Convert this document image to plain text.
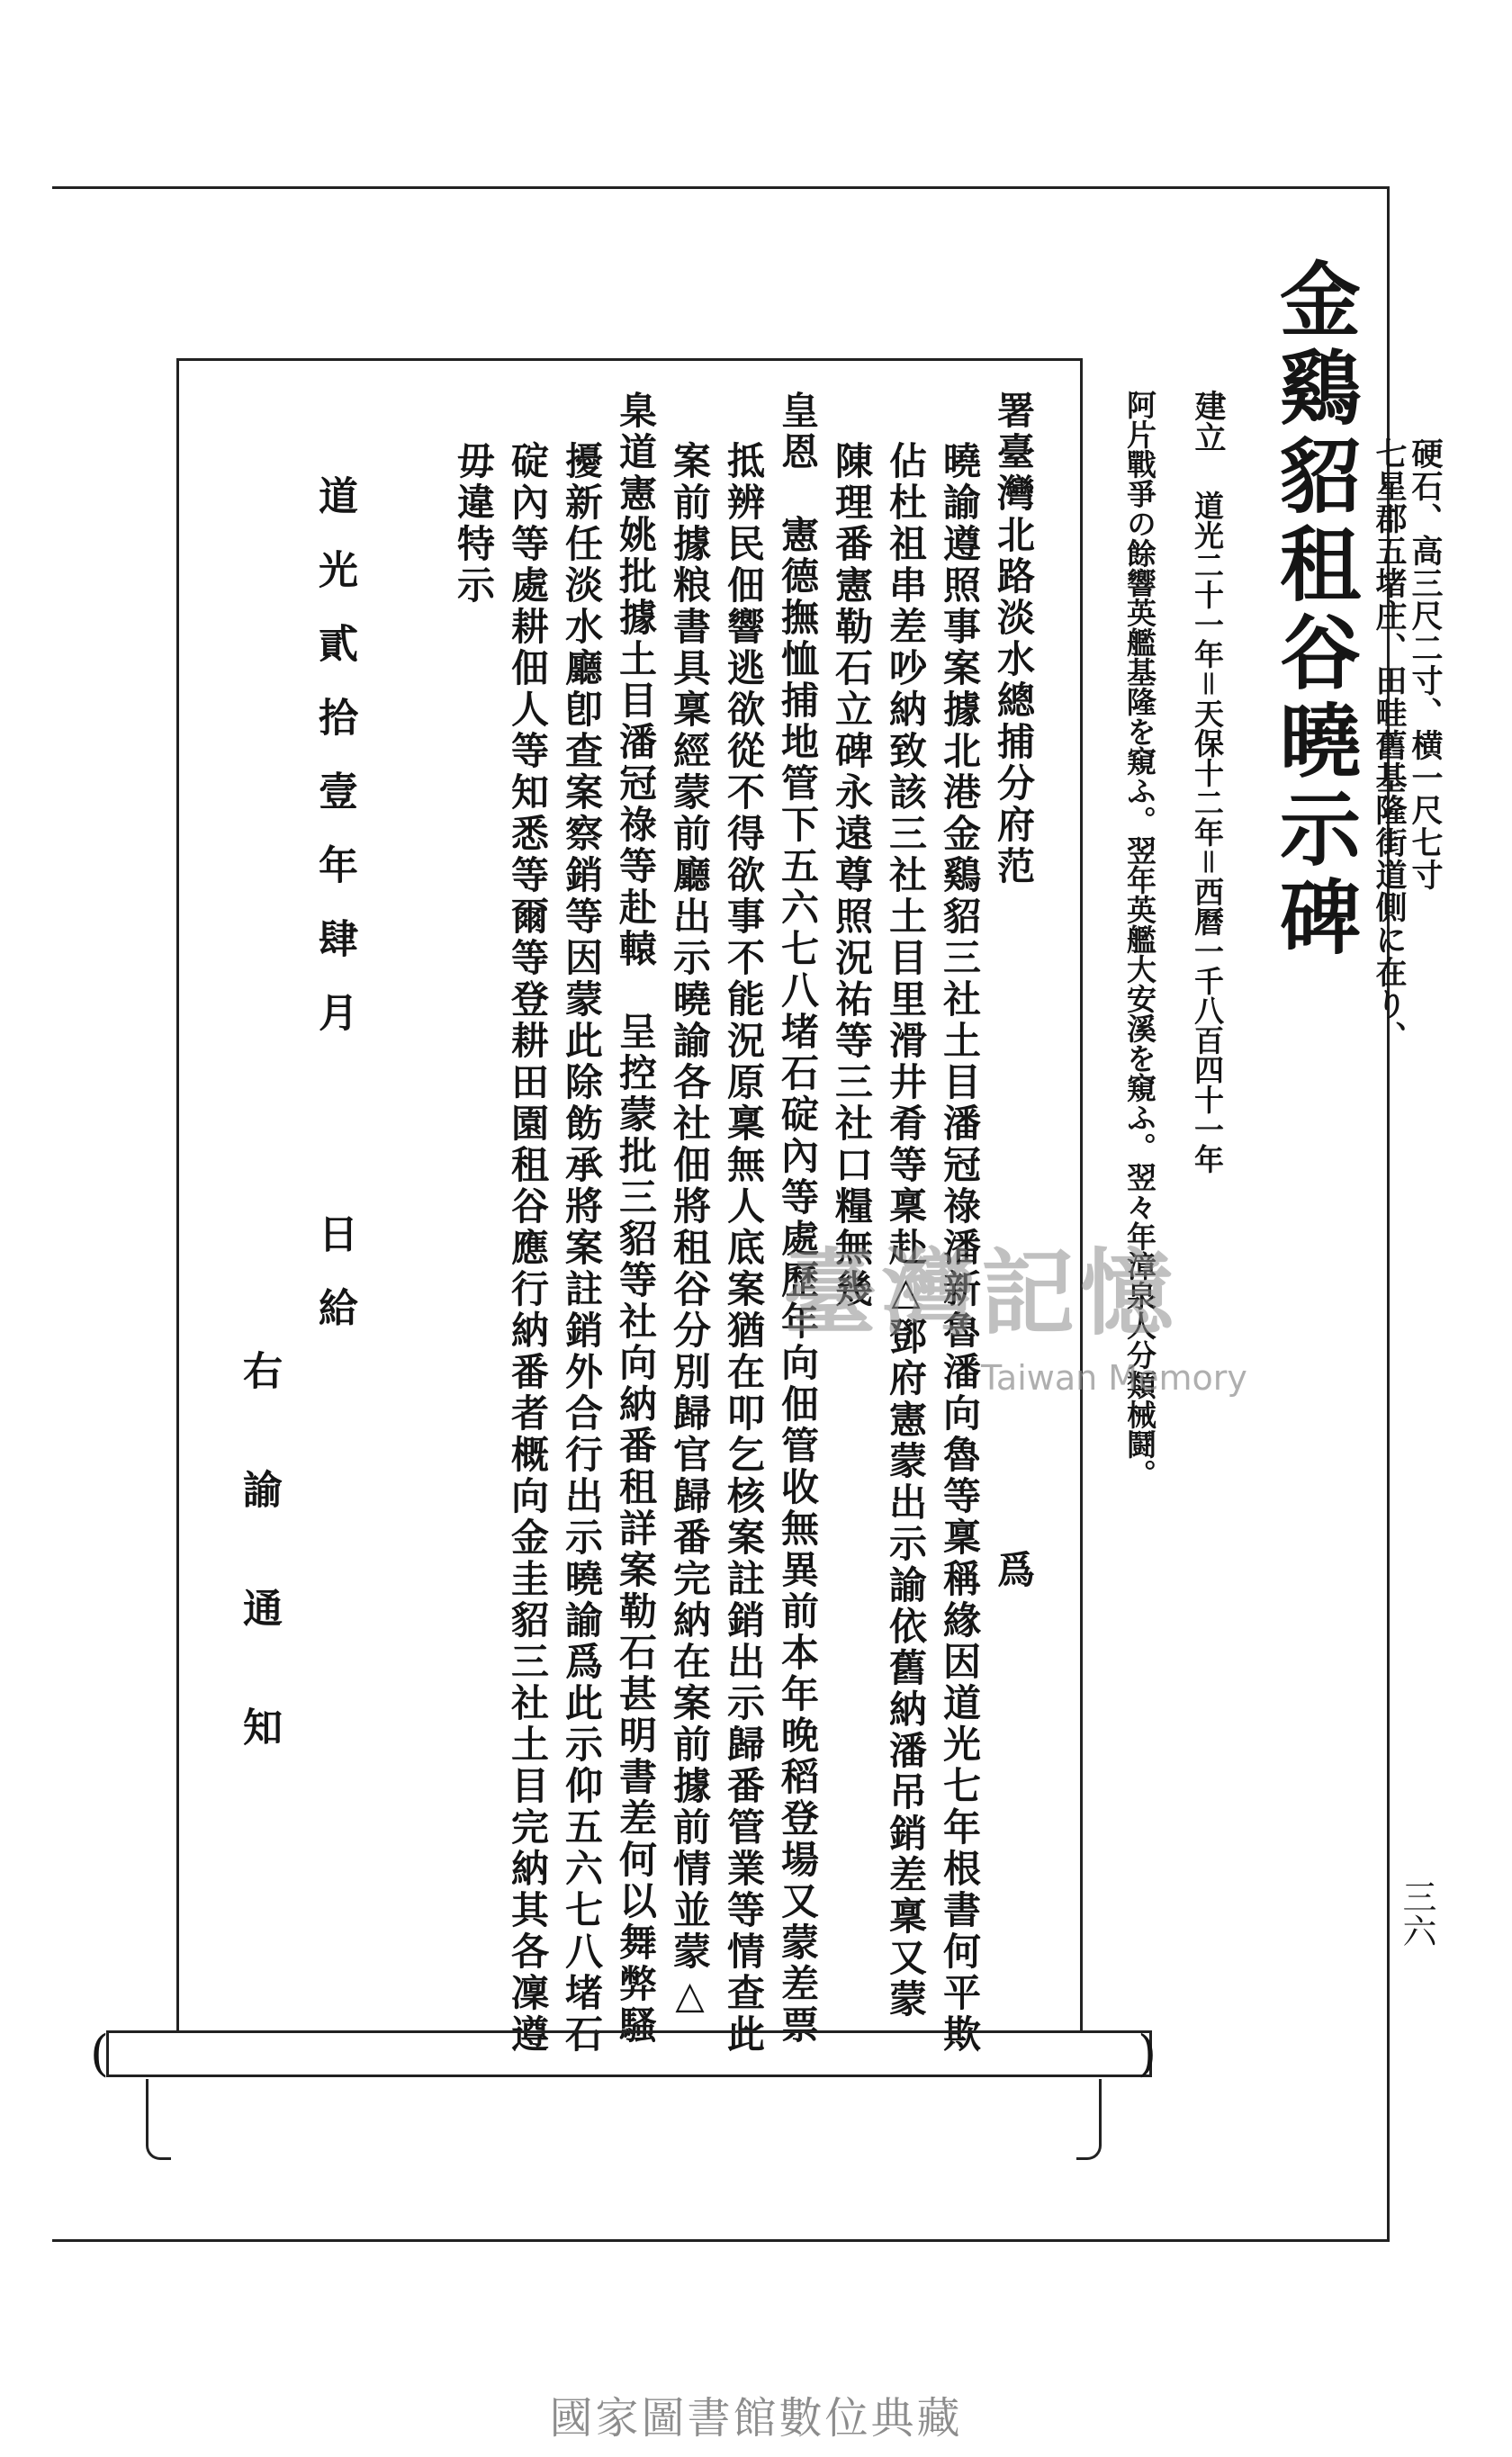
金鷄貂租谷曉示碑 七星郡五堵庄、田畦舊基隆街道側に在り、 硬石、高三尺二寸、横一尺七寸
建立
道光二十一年＝天保十二年＝西曆一千八百四十一年
阿片戰爭の餘響英艦基隆を窺ふ。翌年英艦大安溪を窺ふ。翌々年漳泉人分類械鬪。
署臺灣北路淡水總捕分府范　　　　　　　　　　　　　　　　爲
曉諭遵照事案據北港金鷄貂三社土目潘冠祿潘新魯潘向魯等稟稱緣因道光七年根書何平欺
佔杜祖串差吵納致該三社土目里滑井肴等稟赴△鄧府憲蒙出示諭依舊納潘吊銷差稟又蒙
陳理番憲勒石立碑永遠尊照況祐等三社口糧無幾
皇恩　憲德撫恤捕地管下五六七八堵石碇內等處歷年向佃管收無異前本年晚稻登場又蒙差票
抵辨民佃響逃欲從不得欲事不能況原稟無人底案猶在叩乞核案註銷出示歸番管業等情查此
案前據粮書具稟經蒙前廳出示曉諭各社佃將租谷分別歸官歸番完納在案前據前情並蒙△
臬道憲姚批據土目潘冠祿等赴轅　呈控蒙批三貂等社向納番租詳案勒石甚明書差何以舞弊騷
擾新任淡水廳卽查案察銷等因蒙此除飭承將案註銷外合行出示曉諭爲此示仰五六七八堵石
碇內等處耕佃人等知悉等爾等登耕田園租谷應行納番者概向金圭貂三社土目完納其各凜遵
毋違特示
道光貳拾壹年肆月　　日給
右諭通知
(	)
三六
臺灣記憶
Taiwan Memory
國家圖書館數位典藏
